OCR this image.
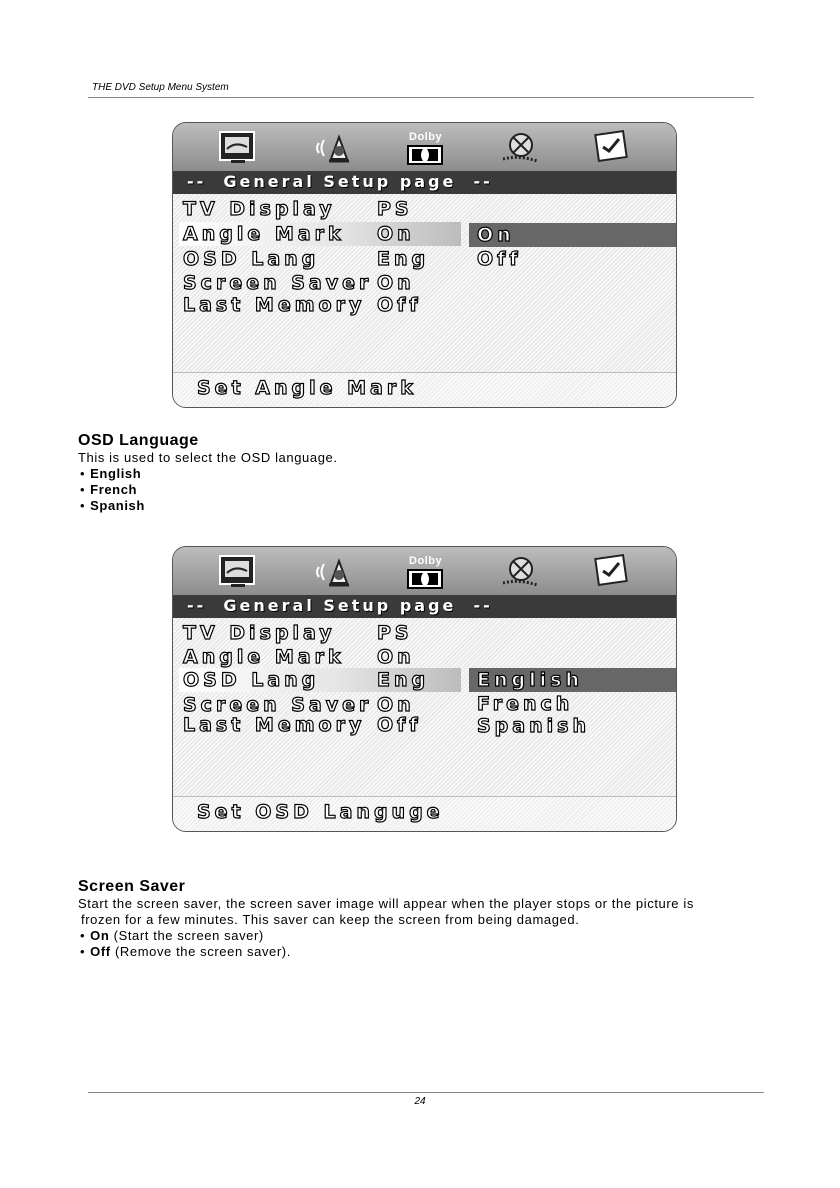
THE DVD Setup Menu System
Dolby
--  General Setup page  --
TV Display PS
Angle Mark On
OSD Lang	Eng
Screen Saver On
Last Memory Off
On
Off
Set Angle Mark
OSD Language

This is used to select the OSD language.

• English
• French
• Spanish
Dolby
--  General Setup page  --
TV Display PS
Angle Mark On
OSD Lang	Eng
Screen Saver On
Last Memory Off
English
French
Spanish
Set OSD Languge
Screen Saver

Start the screen saver, the screen saver image will appear when the player stops or the picture is

frozen for a few minutes. This saver can keep the screen from being damaged.

• On (Start the screen saver)
• Off (Remove the screen saver).
24
